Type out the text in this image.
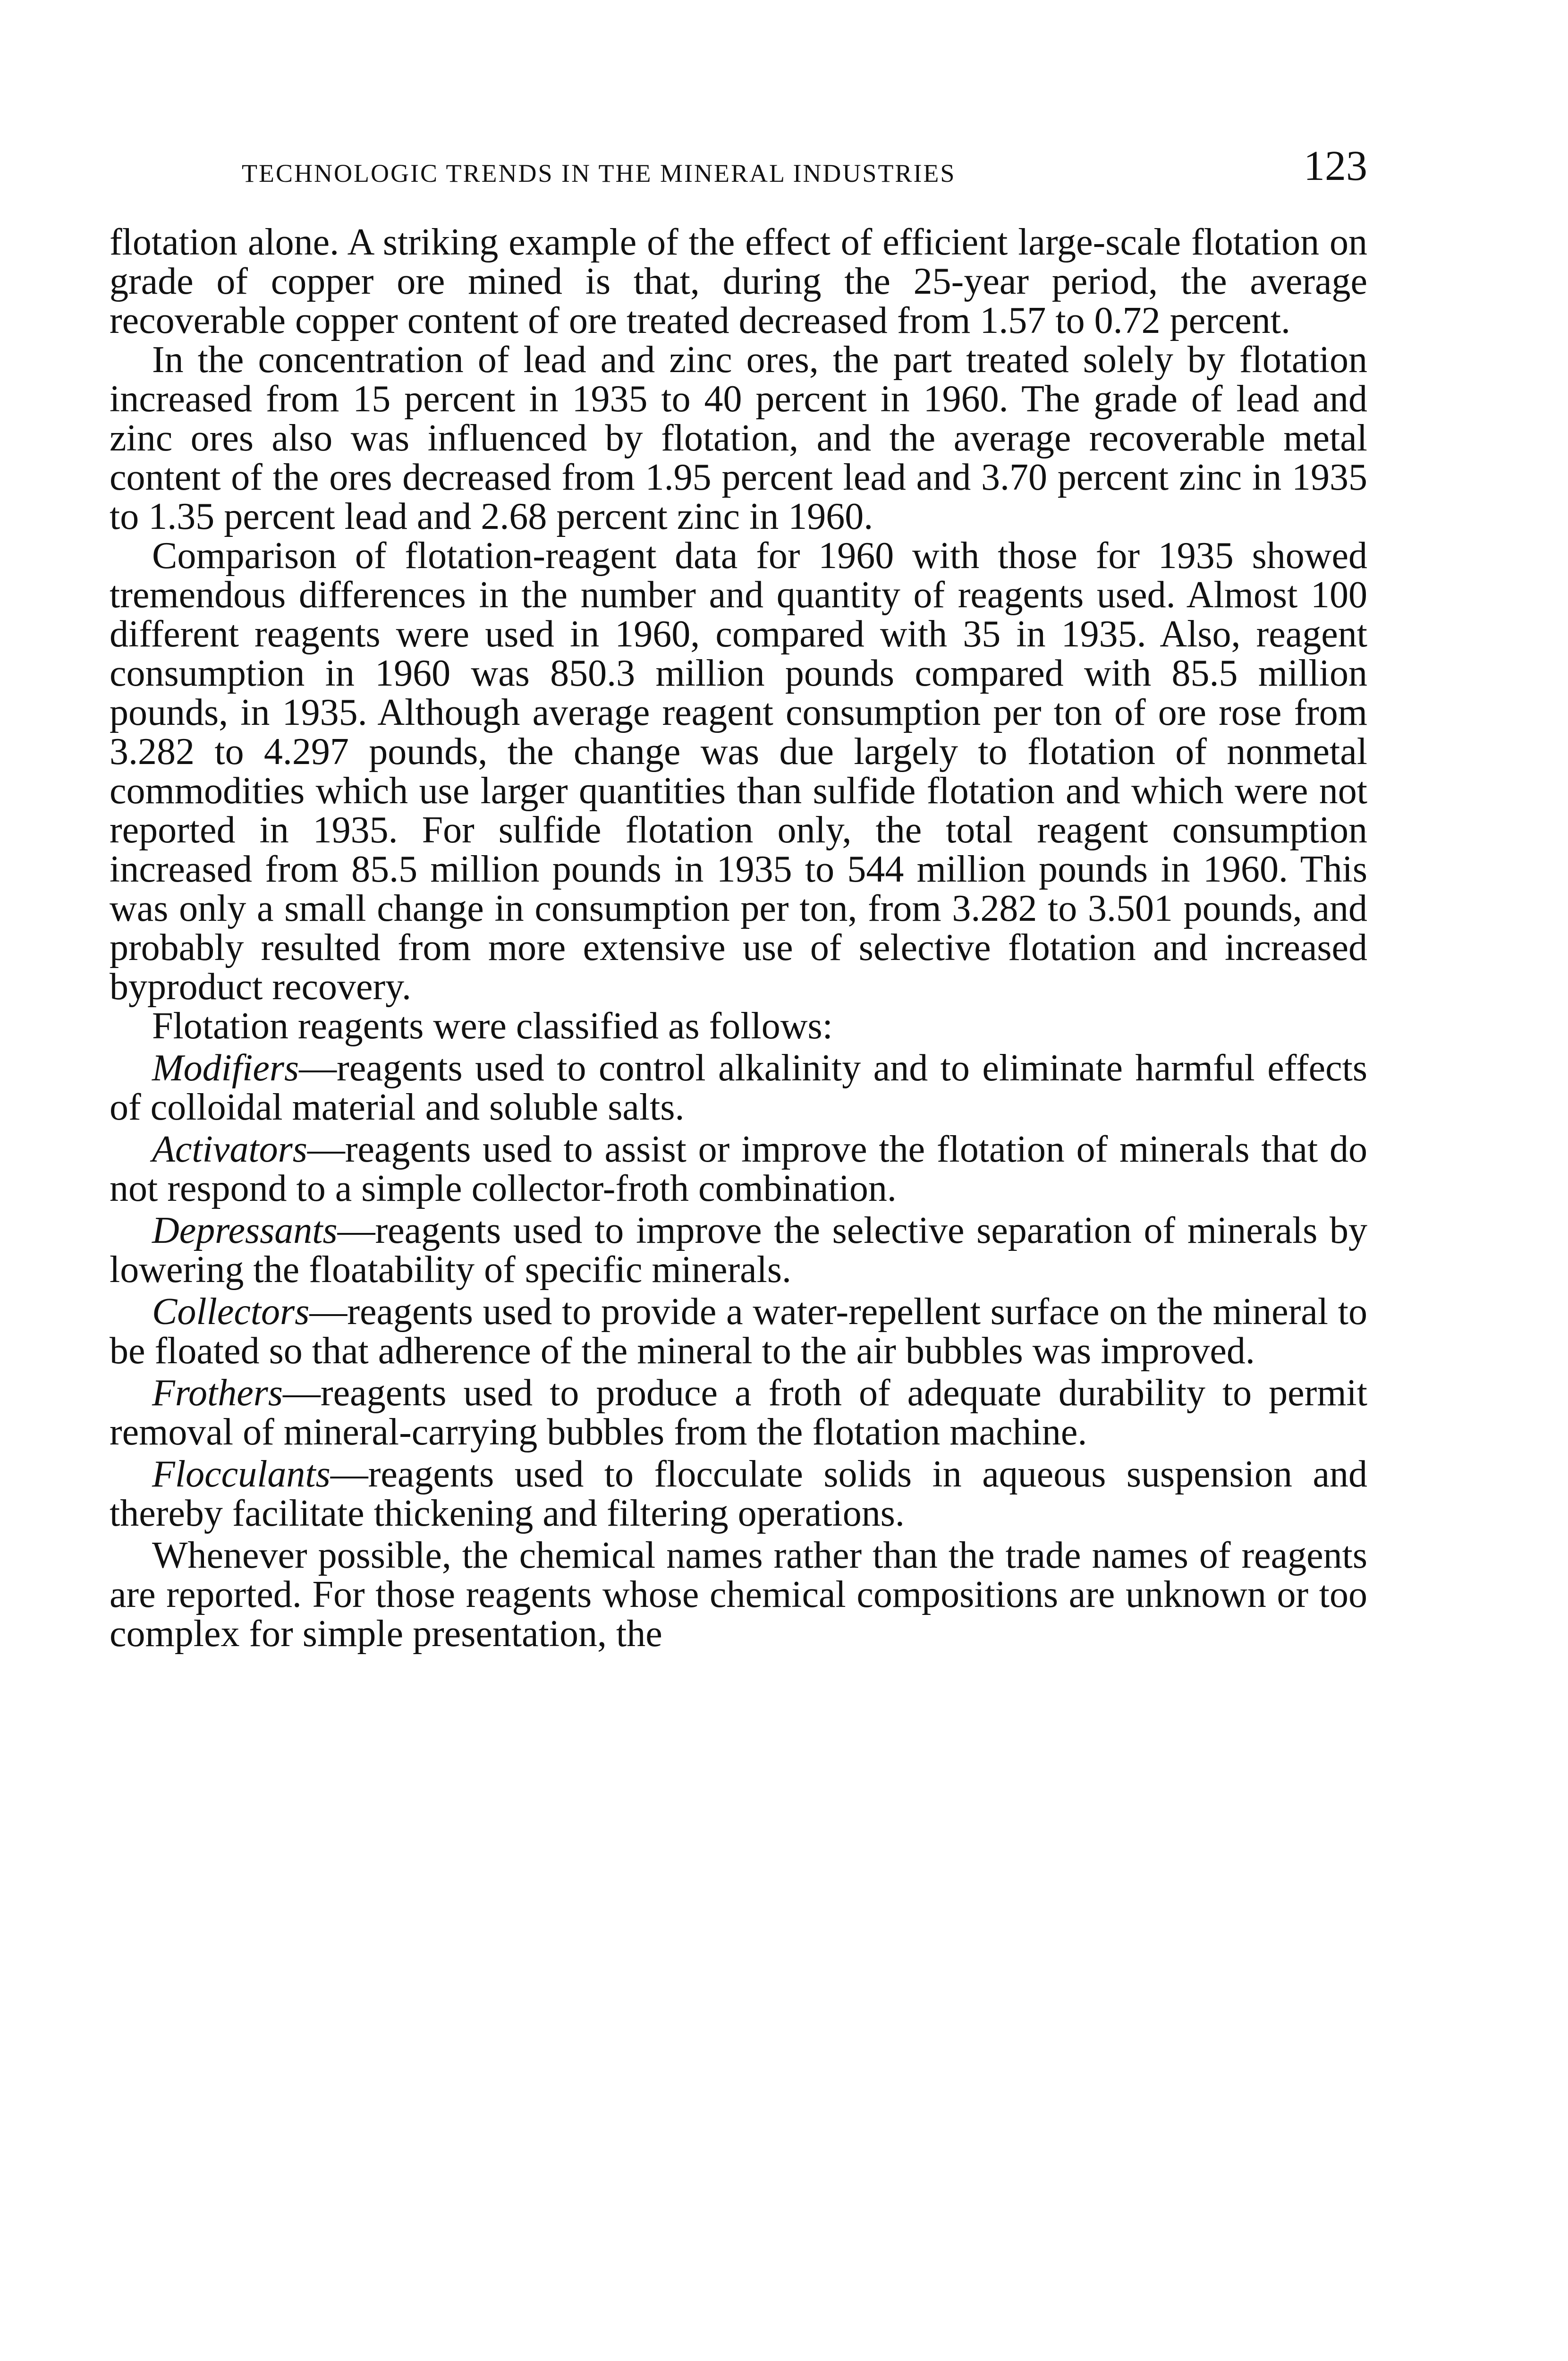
TECHNOLOGIC TRENDS IN THE MINERAL INDUSTRIES	123

flotation alone. A striking example of the effect of efficient large-scale flotation on grade of copper ore mined is that, during the 25-year period, the average recoverable copper content of ore treated decreased from 1.57 to 0.72 percent.

In the concentration of lead and zinc ores, the part treated solely by flotation increased from 15 percent in 1935 to 40 percent in 1960. The grade of lead and zinc ores also was influenced by flotation, and the average recoverable metal content of the ores decreased from 1.95 percent lead and 3.70 percent zinc in 1935 to 1.35 percent lead and 2.68 percent zinc in 1960.

Comparison of flotation-reagent data for 1960 with those for 1935 showed tremendous differences in the number and quantity of reagents used. Almost 100 different reagents were used in 1960, compared with 35 in 1935. Also, reagent consumption in 1960 was 850.3 million pounds compared with 85.5 million pounds, in 1935. Although average reagent consumption per ton of ore rose from 3.282 to 4.297 pounds, the change was due largely to flotation of nonmetal commodities which use larger quantities than sulfide flotation and which were not reported in 1935. For sulfide flotation only, the total reagent consumption increased from 85.5 million pounds in 1935 to 544 million pounds in 1960. This was only a small change in consumption per ton, from 3.282 to 3.501 pounds, and probably resulted from more extensive use of selective flotation and increased byproduct recovery.

Flotation reagents were classified as follows:

Modifiers—reagents used to control alkalinity and to eliminate harmful effects of colloidal material and soluble salts.

Activators—reagents used to assist or improve the flotation of minerals that do not respond to a simple collector-froth combination.

Depressants—reagents used to improve the selective separation of minerals by lowering the floatability of specific minerals.

Collectors—reagents used to provide a water-repellent surface on the mineral to be floated so that adherence of the mineral to the air bubbles was improved.

Frothers—reagents used to produce a froth of adequate durability to permit removal of mineral-carrying bubbles from the flotation machine.

Flocculants—reagents used to flocculate solids in aqueous suspension and thereby facilitate thickening and filtering operations.

Whenever possible, the chemical names rather than the trade names of reagents are reported. For those reagents whose chemical compositions are unknown or too complex for simple presentation, the
